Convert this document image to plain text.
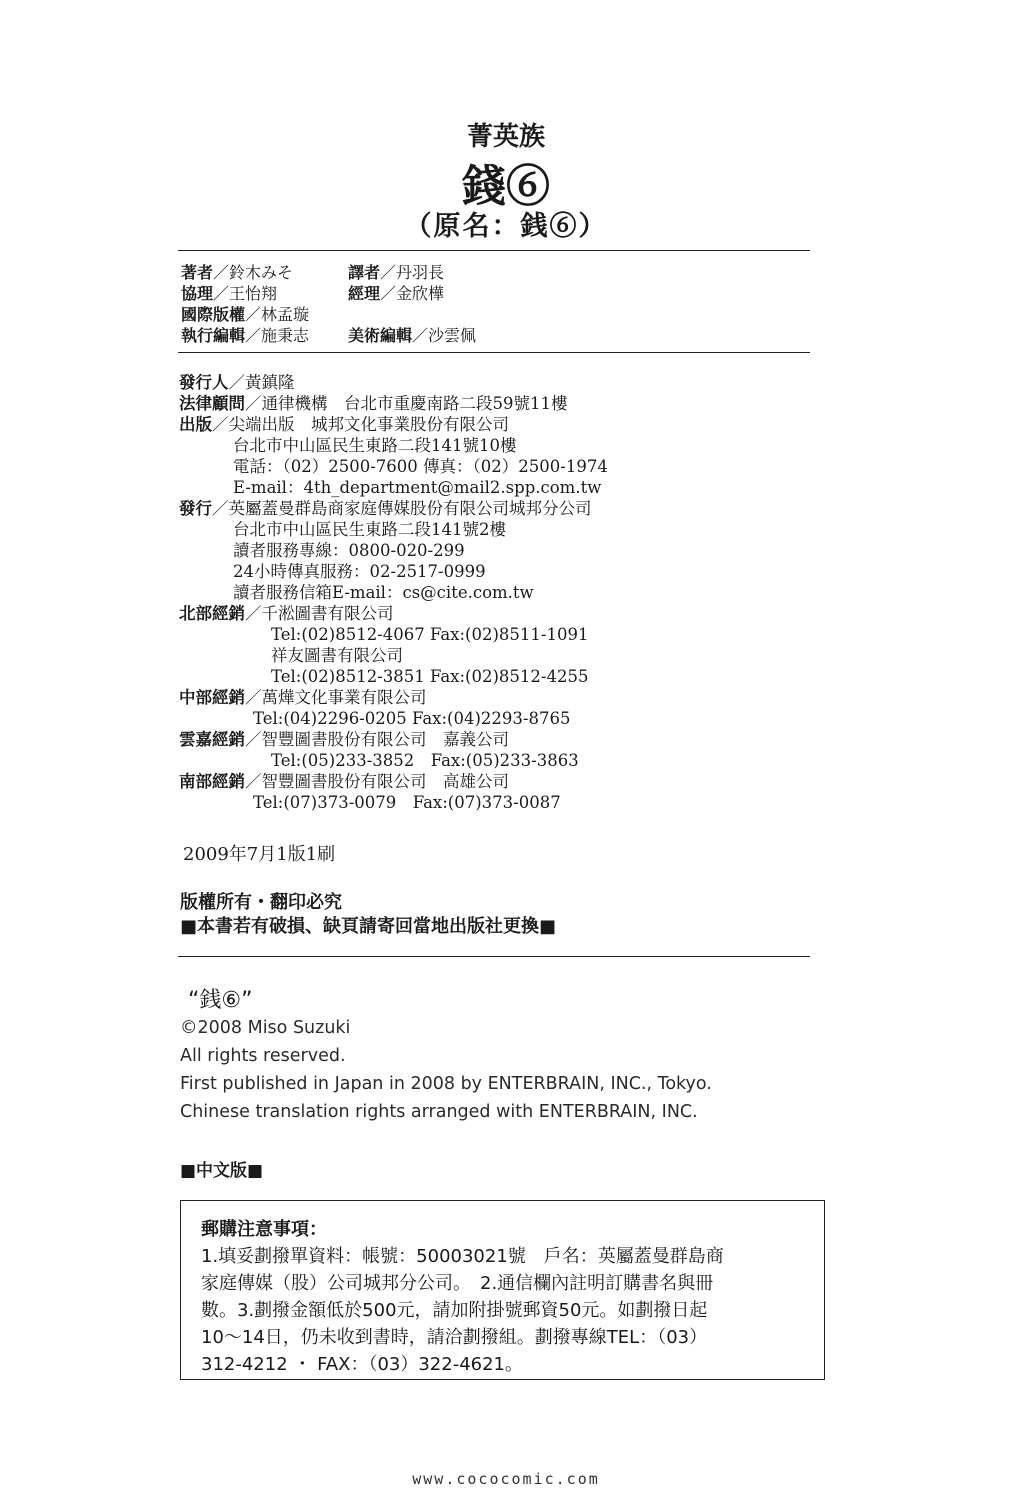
菁英族
錢⑥
（原名：銭⑥）
著者／鈴木みそ	譯者／丹羽長
協理／王怡翔	經理／金欣樺
國際版權／林孟璇
執行編輯／施秉志 美術編輯／沙雲佩
發行人／黃鎮隆
法律顧問／通律機構　台北市重慶南路二段59號11樓
出版／尖端出版　城邦文化事業股份有限公司
台北市中山區民生東路二段141號10樓
電話：（02）2500-7600 傳真：（02）2500-1974
E-mail：4th_department@mail2.spp.com.tw
發行／英屬蓋曼群島商家庭傳媒股份有限公司城邦分公司
台北市中山區民生東路二段141號2樓
讀者服務專線：0800-020-299
24小時傳真服務：02-2517-0999
讀者服務信箱E-mail：cs@cite.com.tw
北部經銷／千淞圖書有限公司
Tel:(02)8512-4067 Fax:(02)8511-1091
祥友圖書有限公司
Tel:(02)8512-3851 Fax:(02)8512-4255
中部經銷／萬燁文化事業有限公司
Tel:(04)2296-0205 Fax:(04)2293-8765
雲嘉經銷／智豐圖書股份有限公司　嘉義公司
Tel:(05)233-3852　Fax:(05)233-3863
南部經銷／智豐圖書股份有限公司　高雄公司
Tel:(07)373-0079　Fax:(07)373-0087
2009年7月1版1刷
版權所有・翻印必究
■本書若有破損、缺頁請寄回當地出版社更換■
“銭⑥”
©2008 Miso Suzuki
All rights reserved.
First published in Japan in 2008 by ENTERBRAIN, INC., Tokyo.
Chinese translation rights arranged with ENTERBRAIN, INC.
■中文版■
郵購注意事項：
1.填妥劃撥單資料：帳號：50003021號　戶名：英屬蓋曼群島商
家庭傳媒（股）公司城邦分公司。　2.通信欄內註明訂購書名與冊
數。3.劃撥金額低於500元，請加附掛號郵資50元。如劃撥日起
10～14日，仍未收到書時，請洽劃撥組。劃撥專線TEL：（03）
312-4212 ・ FAX：（03）322-4621。
www.cococomic.com
